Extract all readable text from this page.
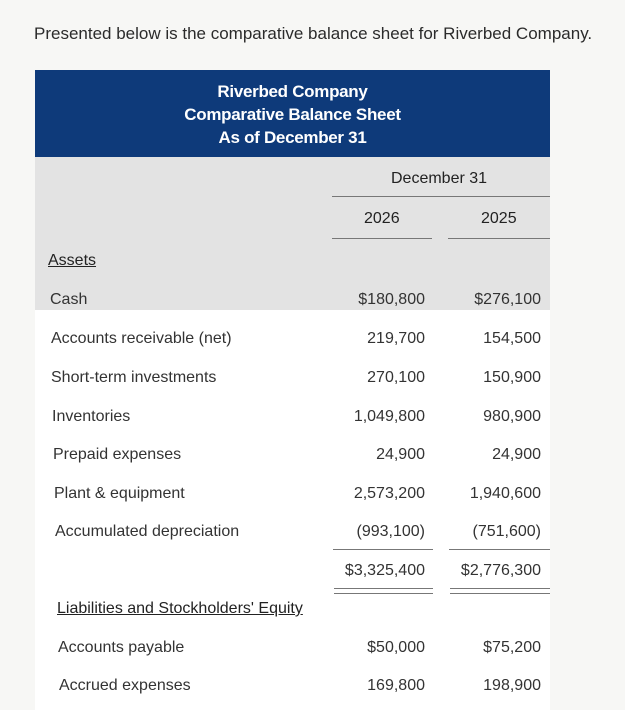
Presented below is the comparative balance sheet for Riverbed Company.
Riverbed Company
Comparative Balance Sheet
As of December 31
December 31
2026	2025
Assets
Cash	$180,800	$276,100
Accounts receivable (net)	219,700	154,500
Short-term investments	270,100	150,900
Inventories	1,049,800	980,900
Prepaid expenses	24,900	24,900
Plant & equipment	2,573,200	1,940,600
Accumulated depreciation	(993,100)	(751,600)
$3,325,400	$2,776,300
Liabilities and Stockholders' Equity
Accounts payable	$50,000	$75,200
Accrued expenses	169,800	198,900
